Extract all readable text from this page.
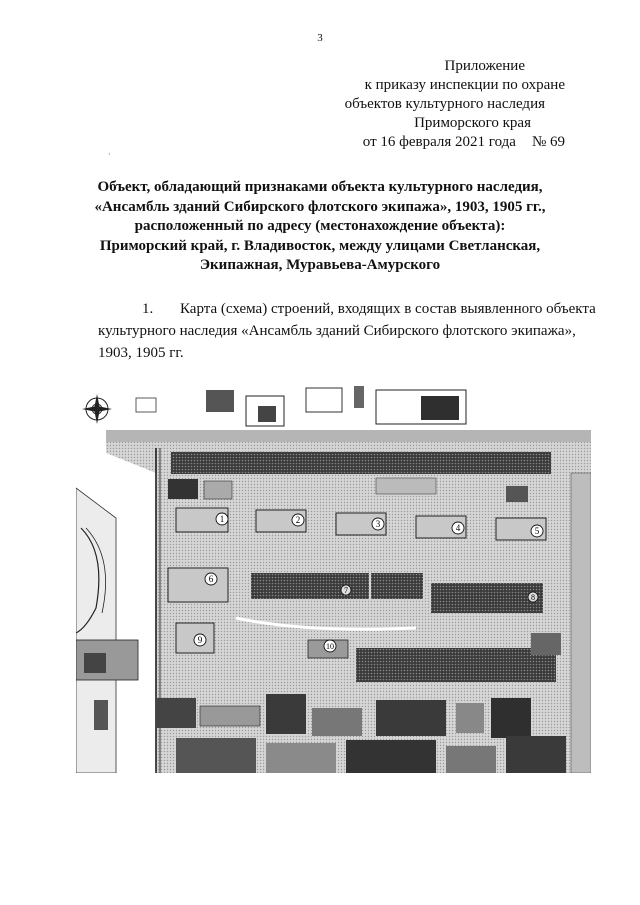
3
Приложение
к приказу инспекции по охране
объектов культурного наследия
Приморского края
от 16 февраля 2021 года № 69
Объект, обладающий признаками объекта культурного наследия,
«Ансамбль зданий Сибирского флотского экипажа», 1903, 1905 гг.,
расположенный по адресу (местонахождение объекта):
Приморский край, г. Владивосток, между улицами Светланская,
Экипажная, Муравьева-Амурского
1. Карта (схема) строений, входящих в состав выявленного объекта
культурного наследия «Ансамбль зданий Сибирского флотского экипажа»,
1903, 1905 гг.
1	2	3	4	5
6
7
8
9
10
·
